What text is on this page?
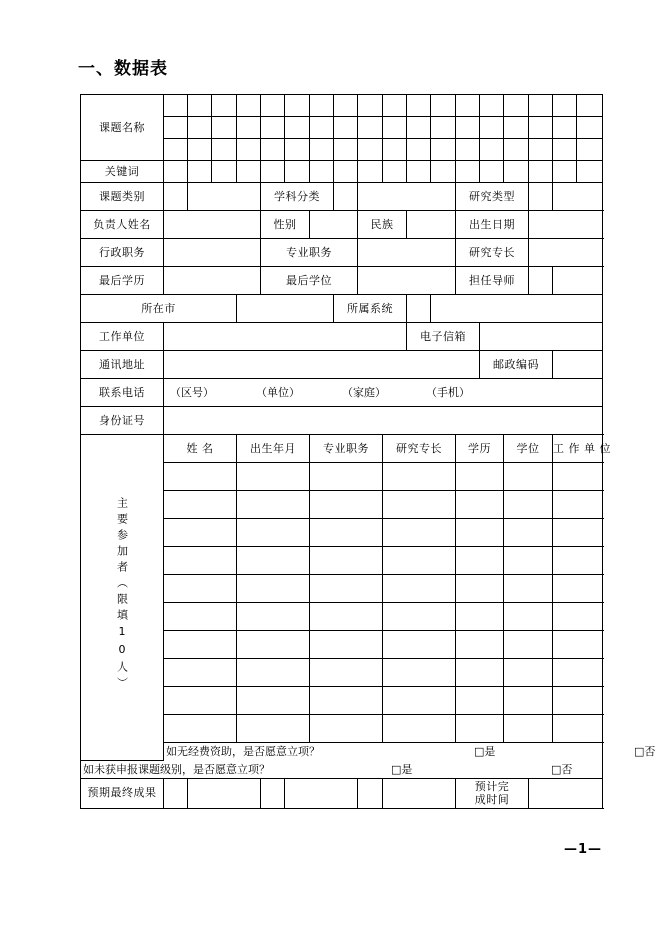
一、数据表
课题名称																		

关键词																		
课题类别					学科分类								研究类型					
负责人姓名					性别				民族				出生日期					
行政职务					专业职务								研究专长					
最后学历					最后学位								担任导师					
所在市								所属系统										
工作单位											电子信箱							
通讯地址														邮政编码				
联系电话	（区号） （单位） （家庭） （手机）																	
身份证号																		
主要参加者（限填10人）	姓 名			出生年月			专业职务			研究专长			学历		学位		工 作 单 位	

	如无经费资助，是否愿意立项？ □是 □否																	

如未获申报课题级别，是否愿意立项？ □是 □否																		

预期最终成果													预计完
成时间					

—1—
